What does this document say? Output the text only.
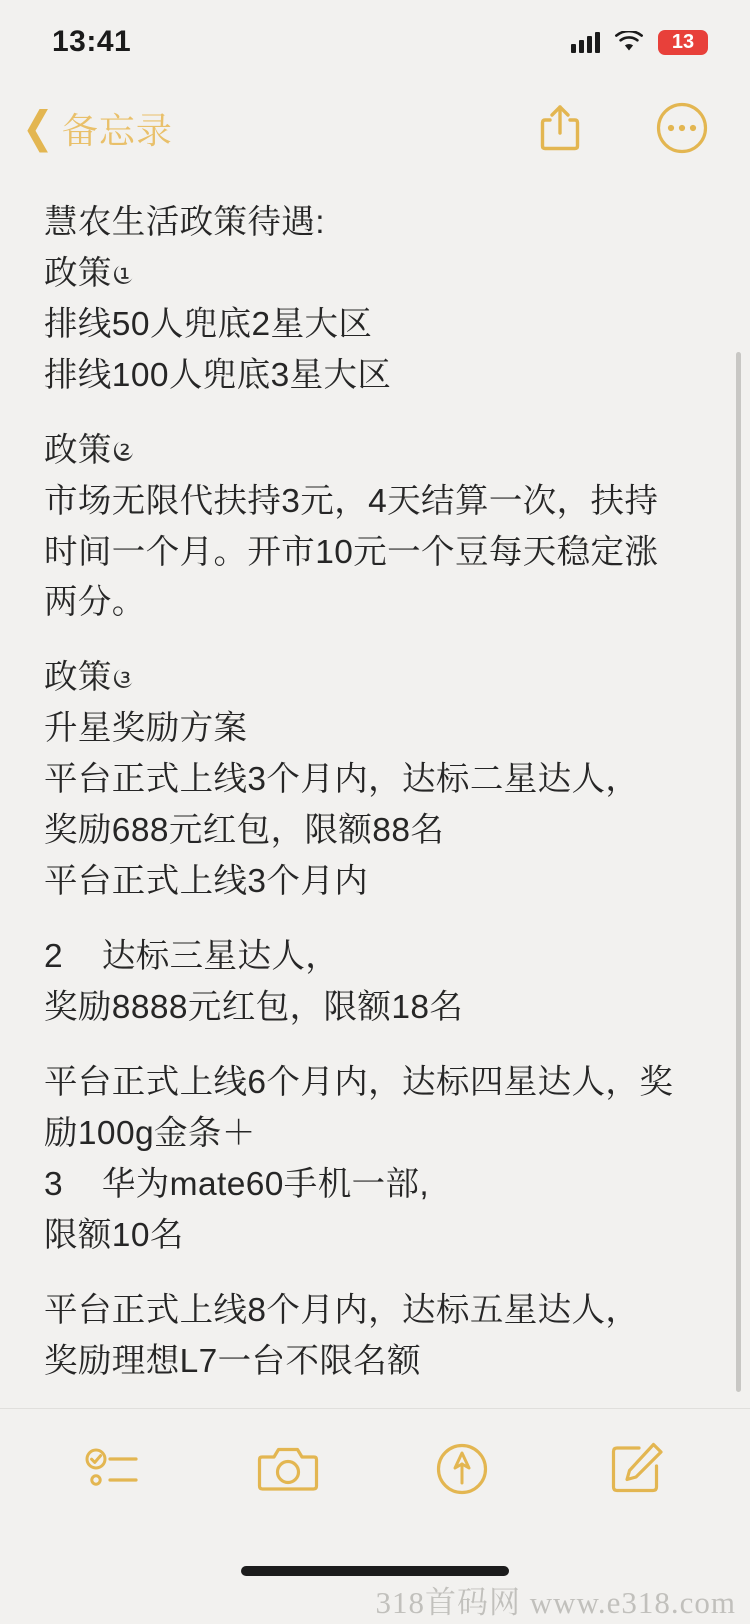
13:41	13
❮ 备忘录
慧农生活政策待遇:
政策❶
排线50人兜底2星大区
排线100人兜底3星大区
政策❷
市场无限代扶持3元，4天结算一次，扶持
时间一个月。开市10元一个豆每天稳定涨
两分。
政策❸
升星奖励方案
平台正式上线3个月内，达标二星达人，
奖励688元红包，限额88名
平台正式上线3个月内
2    达标三星达人，
奖励8888元红包，限额18名
平台正式上线6个月内，达标四星达人，奖
励100g金条＋
3    华为mate60手机一部,
限额10名
平台正式上线8个月内，达标五星达人，
奖励理想L7一台不限名额
318首码网 www.e318.com
